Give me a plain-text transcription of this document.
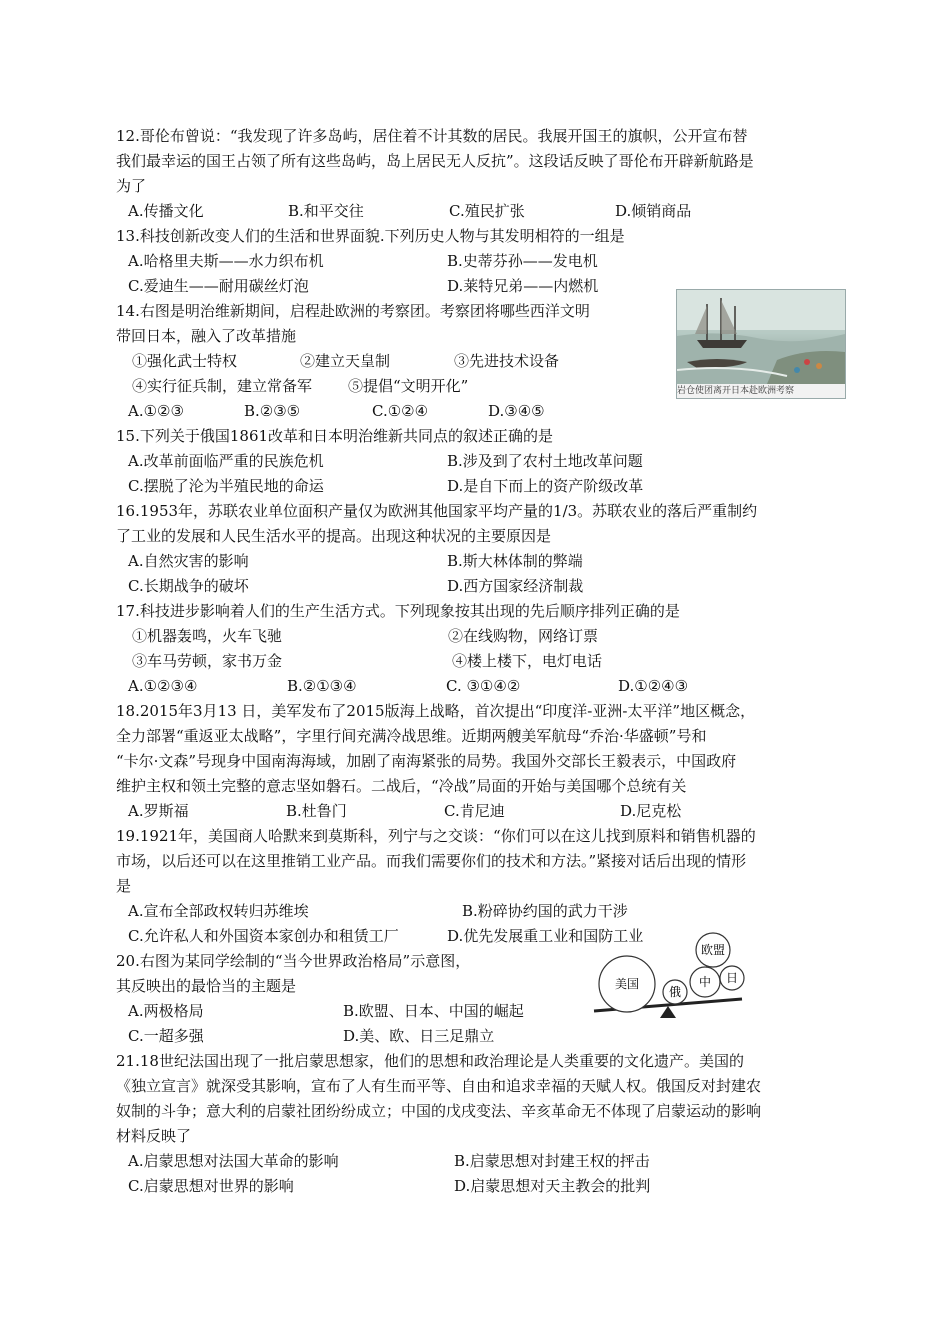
12.哥伦布曾说：“我发现了许多岛屿，居住着不计其数的居民。我展开国王的旗帜，公开宣布替
我们最幸运的国王占领了所有这些岛屿，岛上居民无人反抗”。这段话反映了哥伦布开辟新航路是
为了
A.传播文化	B.和平交往	C.殖民扩张	D.倾销商品
13.科技创新改变人们的生活和世界面貌.下列历史人物与其发明相符的一组是
A.哈格里夫斯——水力织布机	B.史蒂芬孙——发电机
C.爱迪生——耐用碳丝灯泡	D.莱特兄弟——内燃机
14.右图是明治维新期间，启程赴欧洲的考察团。考察团将哪些西洋文明
带回日本，融入了改革措施
①强化武士特权	②建立天皇制	③先进技术设备
④实行征兵制，建立常备军 ⑤提倡“文明开化”
A.①②③	B.②③⑤	C.①②④	D.③④⑤
岩仓使团离开日本赴欧洲考察
15.下列关于俄国1861改革和日本明治维新共同点的叙述正确的是
A.改革前面临严重的民族危机	B.涉及到了农村土地改革问题
C.摆脱了沦为半殖民地的命运	D.是自下而上的资产阶级改革
16.1953年，苏联农业单位面积产量仅为欧洲其他国家平均产量的1/3。苏联农业的落后严重制约
了工业的发展和人民生活水平的提高。出现这种状况的主要原因是
A.自然灾害的影响	B.斯大林体制的弊端
C.长期战争的破坏	D.西方国家经济制裁
17.科技进步影响着人们的生产生活方式。下列现象按其出现的先后顺序排列正确的是
①机器轰鸣，火车飞驰	②在线购物，网络订票
③车马劳顿，家书万金	④楼上楼下，电灯电话
A.①②③④	B.②①③④	C. ③①④②	D.①②④③
18.2015年3月13 日，美军发布了2015版海上战略，首次提出“印度洋-亚洲-太平洋”地区概念，
全力部署“重返亚太战略”，字里行间充满冷战思维。近期两艘美军航母“乔治·华盛顿”号和
“卡尔·文森”号现身中国南海海域，加剧了南海紧张的局势。我国外交部长王毅表示，中国政府
维护主权和领土完整的意志坚如磐石。二战后，“冷战”局面的开始与美国哪个总统有关
A.罗斯福	B.杜鲁门	C.肯尼迪	D.尼克松
19.1921年，美国商人哈默来到莫斯科，列宁与之交谈：“你们可以在这儿找到原料和销售机器的
市场，以后还可以在这里推销工业产品。而我们需要你们的技术和方法。”紧接对话后出现的情形
是
A.宣布全部政权转归苏维埃	B.粉碎协约国的武力干涉
C.允许私人和外国资本家创办和租赁工厂	D.优先发展重工业和国防工业
20.右图为某同学绘制的“当今世界政治格局”示意图，
其反映出的最恰当的主题是
A.两极格局	B.欧盟、日本、中国的崛起
C.一超多强	D.美、欧、日三足鼎立
美国
俄
中 日
欧盟
21.18世纪法国出现了一批启蒙思想家，他们的思想和政治理论是人类重要的文化遗产。美国的
《独立宣言》就深受其影响，宣布了人有生而平等、自由和追求幸福的天赋人权。俄国反对封建农
奴制的斗争；意大利的启蒙社团纷纷成立；中国的戊戌变法、辛亥革命无不体现了启蒙运动的影响
材料反映了
A.启蒙思想对法国大革命的影响	B.启蒙思想对封建王权的抨击
C.启蒙思想对世界的影响	D.启蒙思想对天主教会的批判
